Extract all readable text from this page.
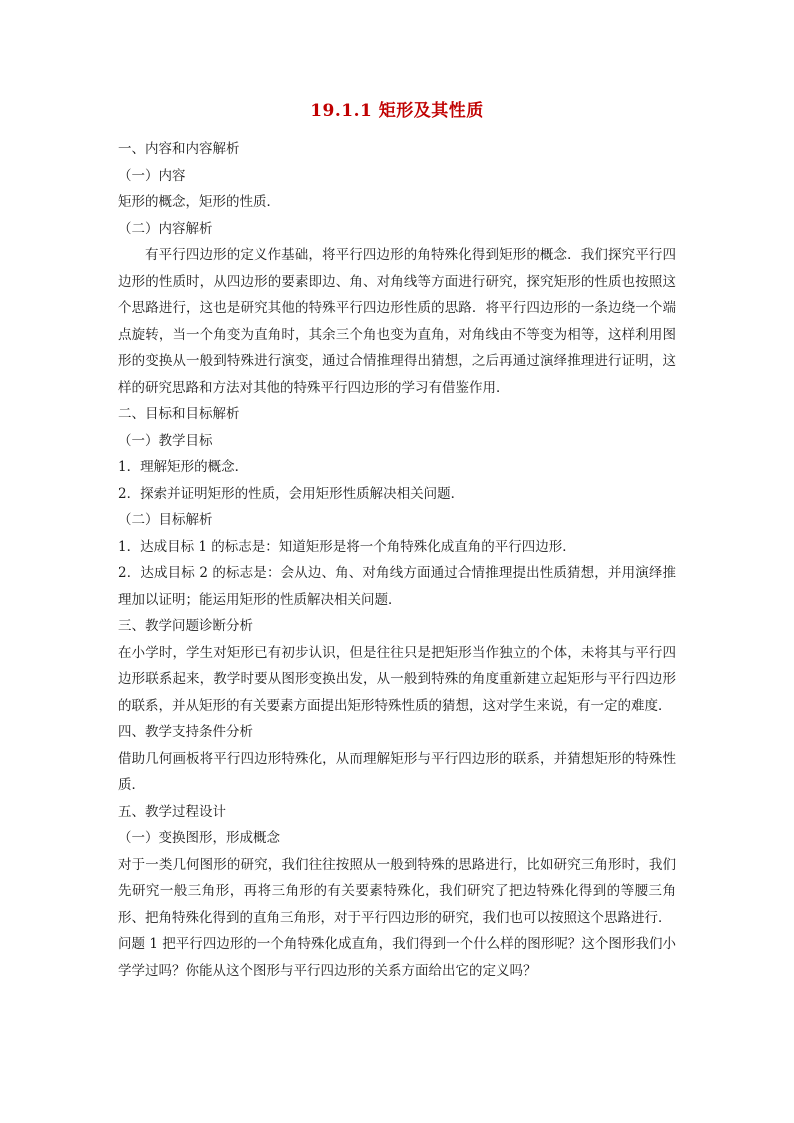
19.1.1 矩形及其性质

一、内容和内容解析

（一）内容

矩形的概念，矩形的性质．

（二）内容解析

有平行四边形的定义作基础，将平行四边形的角特殊化得到矩形的概念．我们探究平行四边形的性质时，从四边形的要素即边、角、对角线等方面进行研究，探究矩形的性质也按照这个思路进行，这也是研究其他的特殊平行四边形性质的思路．将平行四边形的一条边绕一个端点旋转，当一个角变为直角时，其余三个角也变为直角，对角线由不等变为相等，这样利用图形的变换从一般到特殊进行演变，通过合情推理得出猜想，之后再通过演绎推理进行证明，这样的研究思路和方法对其他的特殊平行四边形的学习有借鉴作用．

二、目标和目标解析

（一）教学目标

1．理解矩形的概念．

2．探索并证明矩形的性质，会用矩形性质解决相关问题．

（二）目标解析

1．达成目标 1 的标志是：知道矩形是将一个角特殊化成直角的平行四边形．

2．达成目标 2 的标志是：会从边、角、对角线方面通过合情推理提出性质猜想，并用演绎推理加以证明；能运用矩形的性质解决相关问题．

三、教学问题诊断分析

在小学时，学生对矩形已有初步认识，但是往往只是把矩形当作独立的个体，未将其与平行四边形联系起来，教学时要从图形变换出发，从一般到特殊的角度重新建立起矩形与平行四边形的联系，并从矩形的有关要素方面提出矩形特殊性质的猜想，这对学生来说，有一定的难度．

四、教学支持条件分析

借助几何画板将平行四边形特殊化，从而理解矩形与平行四边形的联系，并猜想矩形的特殊性质．

五、教学过程设计

（一）变换图形，形成概念

对于一类几何图形的研究，我们往往按照从一般到特殊的思路进行，比如研究三角形时，我们先研究一般三角形，再将三角形的有关要素特殊化，我们研究了把边特殊化得到的等腰三角形、把角特殊化得到的直角三角形，对于平行四边形的研究，我们也可以按照这个思路进行．

问题 1 把平行四边形的一个角特殊化成直角，我们得到一个什么样的图形呢？这个图形我们小学学过吗？你能从这个图形与平行四边形的关系方面给出它的定义吗？
